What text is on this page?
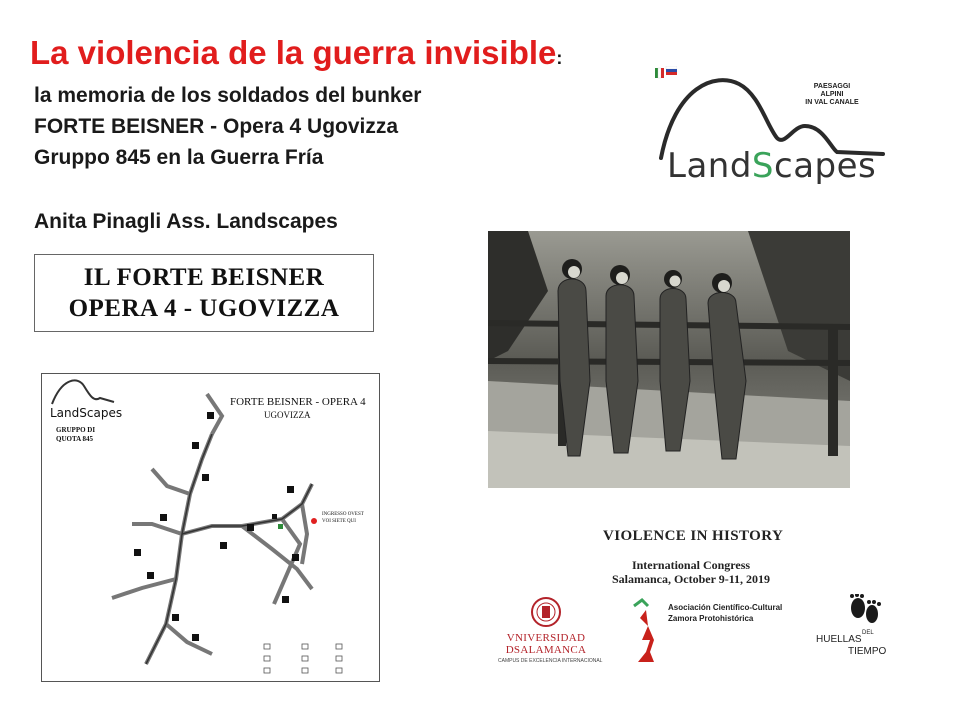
La violencia de la guerra invisible:
la memoria de los soldados del bunker
FORTE BEISNER - Opera 4 Ugovizza
Gruppo 845 en la Guerra Fría
Anita Pinagli Ass. Landscapes
LandScapes
PAESAGGI
ALPINI
IN VAL CANALE
IL FORTE BEISNER
OPERA 4 - UGOVIZZA
FORTE BEISNER - OPERA 4
UGOVIZZA
LandScapes
GRUPPO DI
QUOTA 845
INGRESSO OVEST
VOI SIETE QUI
VIOLENCE IN HISTORY
International Congress
Salamanca, October 9-11, 2019
VNIVERSIDAD
DSALAMANCA
CAMPUS DE EXCELENCIA INTERNACIONAL
Asociación Científico-Cultural
Zamora Protohistórica
HUELLAS
DEL
TIEMPO
